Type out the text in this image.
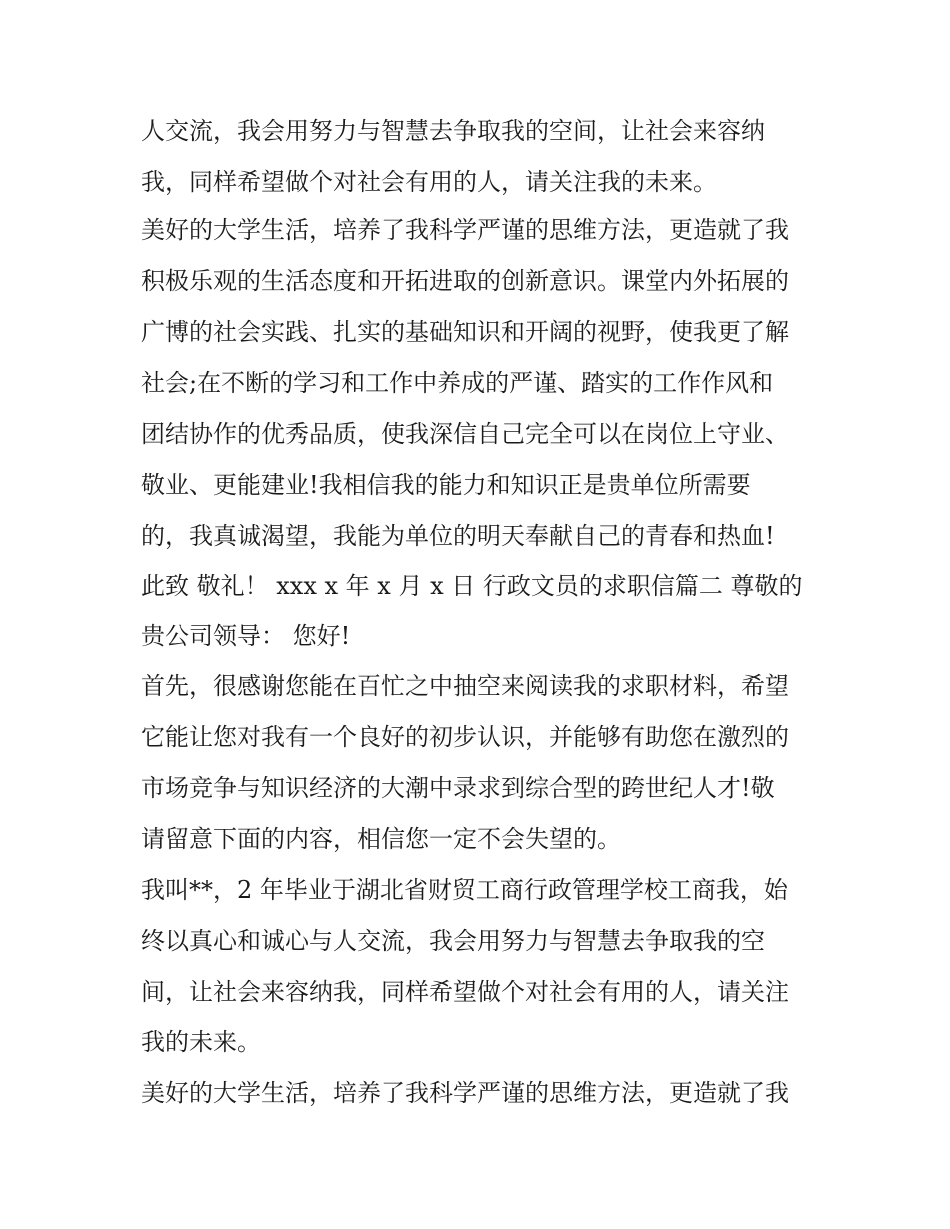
人交流，我会用努力与智慧去争取我的空间，让社会来容纳
我，同样希望做个对社会有用的人，请关注我的未来。
美好的大学生活，培养了我科学严谨的思维方法，更造就了我
积极乐观的生活态度和开拓进取的创新意识。课堂内外拓展的
广博的社会实践、扎实的基础知识和开阔的视野，使我更了解
社会;在不断的学习和工作中养成的严谨、踏实的工作作风和
团结协作的优秀品质，使我深信自己完全可以在岗位上守业、
敬业、更能建业!我相信我的能力和知识正是贵单位所需要
的，我真诚渴望，我能为单位的明天奉献自己的青春和热血!
此致 敬礼！ xxx x 年 x 月 x 日 行政文员的求职信篇二 尊敬的
贵公司领导： 您好!
首先，很感谢您能在百忙之中抽空来阅读我的求职材料，希望
它能让您对我有一个良好的初步认识，并能够有助您在激烈的
市场竞争与知识经济的大潮中录求到综合型的跨世纪人才!敬
请留意下面的内容，相信您一定不会失望的。
我叫**，2 年毕业于湖北省财贸工商行政管理学校工商我，始
终以真心和诚心与人交流，我会用努力与智慧去争取我的空
间，让社会来容纳我，同样希望做个对社会有用的人，请关注
我的未来。
美好的大学生活，培养了我科学严谨的思维方法，更造就了我
